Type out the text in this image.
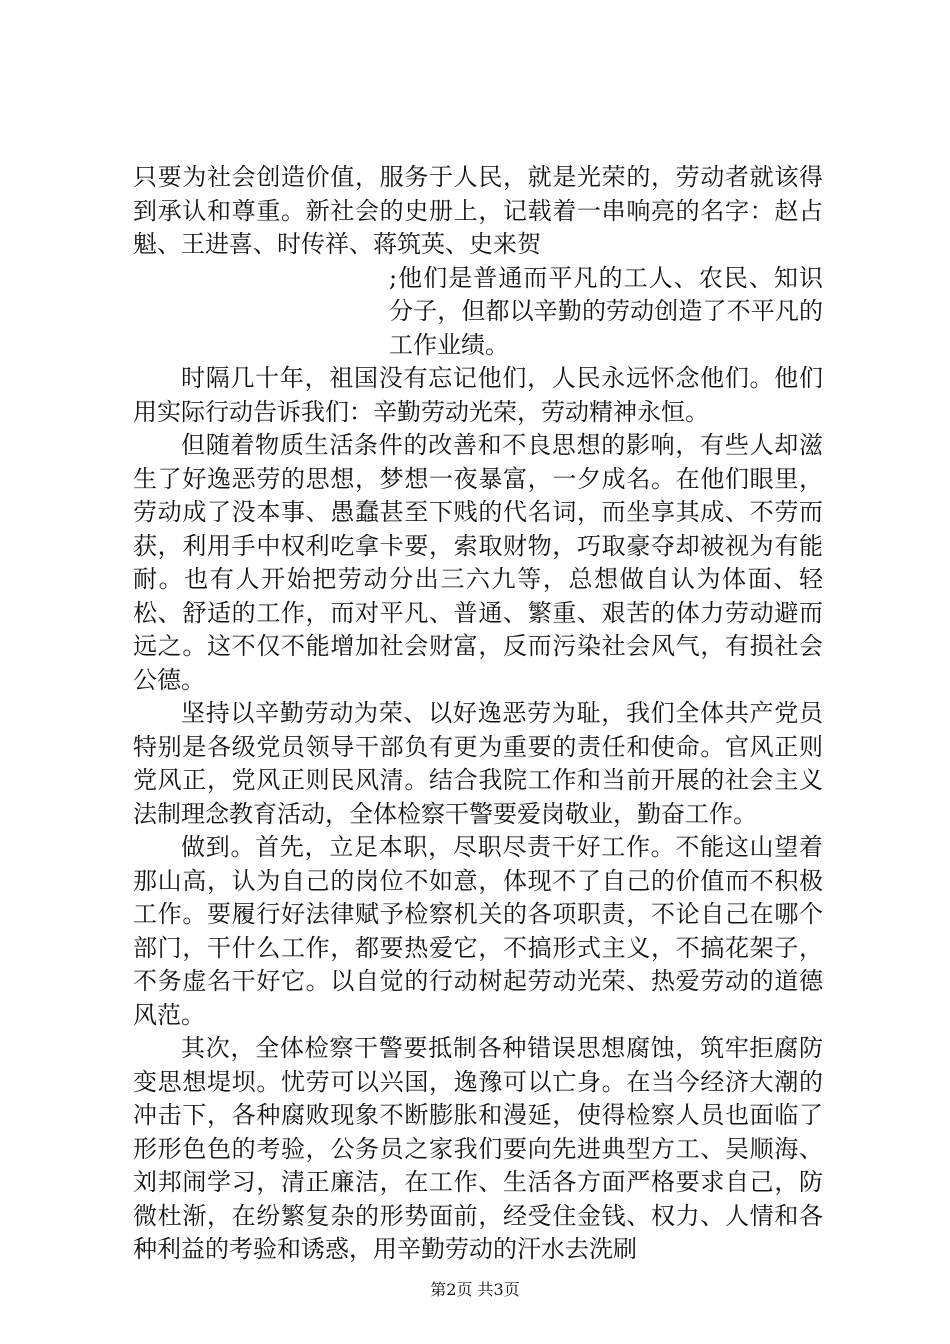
只要为社会创造价值，服务于人民，就是光荣的，劳动者就该得到承认和尊重。新社会的史册上，记载着一串响亮的名字：赵占魁、王进喜、时传祥、蒋筑英、史来贺

;他们是普通而平凡的工人、农民、知识分子，但都以辛勤的劳动创造了不平凡的工作业绩。

时隔几十年，祖国没有忘记他们，人民永远怀念他们。他们用实际行动告诉我们：辛勤劳动光荣，劳动精神永恒。

但随着物质生活条件的改善和不良思想的影响，有些人却滋生了好逸恶劳的思想，梦想一夜暴富，一夕成名。在他们眼里，劳动成了没本事、愚蠢甚至下贱的代名词，而坐享其成、不劳而获，利用手中权利吃拿卡要，索取财物，巧取豪夺却被视为有能耐。也有人开始把劳动分出三六九等，总想做自认为体面、轻松、舒适的工作，而对平凡、普通、繁重、艰苦的体力劳动避而远之。这不仅不能增加社会财富，反而污染社会风气，有损社会公德。

坚持以辛勤劳动为荣、以好逸恶劳为耻，我们全体共产党员特别是各级党员领导干部负有更为重要的责任和使命。官风正则党风正，党风正则民风清。结合我院工作和当前开展的社会主义法制理念教育活动，全体检察干警要爱岗敬业，勤奋工作。

做到。首先，立足本职，尽职尽责干好工作。不能这山望着那山高，认为自己的岗位不如意，体现不了自己的价值而不积极工作。要履行好法律赋予检察机关的各项职责，不论自己在哪个部门，干什么工作，都要热爱它，不搞形式主义，不搞花架子，不务虚名干好它。以自觉的行动树起劳动光荣、热爱劳动的道德风范。

其次，全体检察干警要抵制各种错误思想腐蚀，筑牢拒腐防变思想堤坝。忧劳可以兴国，逸豫可以亡身。在当今经济大潮的冲击下，各种腐败现象不断膨胀和漫延，使得检察人员也面临了形形色色的考验，公务员之家我们要向先进典型方工、吴顺海、刘邦闹学习，清正廉洁，在工作、生活各方面严格要求自己，防微杜渐，在纷繁复杂的形势面前，经受住金钱、权力、人情和各种利益的考验和诱惑，用辛勤劳动的汗水去洗刷

第2页 共3页
